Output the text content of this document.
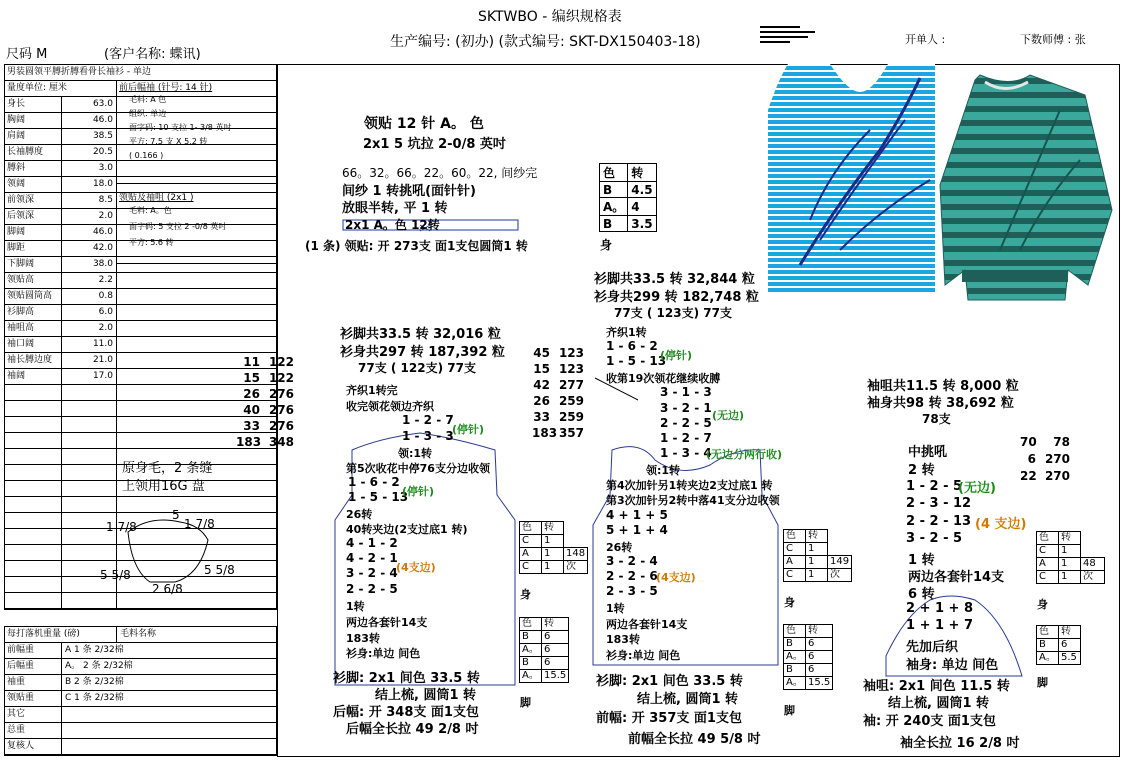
SKTWBO - 编织规格表
生产编号: (初办) (款式编号: SKT-DX150403-18)	开单人 :	下数师傅 : 张
尺码 M	(客户名称: 蝶讯)
男装圆领平膊折膊看骨长袖衫 - 单边
量度单位: 厘米
身长	63.0
胸阔	46.0
肩阔	38.5
长袖膊度	20.5
膊斜	3.0
领阔	18.0
前领深	8.5
后领深	2.0
脚阔	46.0
脚距	42.0
下脚阔	38.0
领贴高	2.2
领贴圆筒高	0.8
衫脚高	6.0
袖咀高	2.0
袖口阔	11.0
袖长膊边度	21.0
袖阔	17.0
前后幅袖 (针号: 14 针)
毛料: A 色
组织: 单边
面字码: 10 支拉 1- 3/8 英吋
平方: 7.5 支 X 5.2 转
( 0.166 )
领贴及袖咀 (2x1 )
毛料: A。色
面字码: 5 支拉 2 -0/8 英吋
平方: 5.6 转
11 122
15 122
26 276
40 276
33 276
183 348
原身毛，2 条缝
上领用16G 盘
每打落机重量 (磅)	毛料名称
前幅重	A 1 条 2/32棉
后幅重	A。 2 条 2/32棉
袖重	B 2 条 2/32棉
领贴重	C 1 条 2/32棉
其它
总重
复核人
领贴 12 针 A。 色
2x1 5 坑拉 2-0/8 英吋
66。32。66。22。60。22, 间纱完
间纱 1 转挑吼(面针针)
放眼半转, 平 1 转
2x1 A。色 12转
(1 条) 领贴: 开 273支 面1支包圆筒1 转
色	转
B	4.5
A。	4
B	3.5
身
衫脚共33.5 转 32,016 粒
衫身共297 转 187,392 粒
77支 ( 122支) 77支
齐织1转完
收完领花领边齐织
1 - 2 - 7
1 - 3 - 3
(停针)
领:1转
第5次收花中停76支分边收领
1 - 6 - 2
1 - 5 - 13
(停针)
26转
40转夹边(2支过底1 转)
4 - 1 - 2
4 - 2 - 1
3 - 2 - 4
2 - 2 - 5
(4支边)
1转
两边各套针14支
183转
衫身:单边 间色
衫脚: 2x1 间色 33.5 转
结上梳, 圆筒1 转
后幅: 开 348支 面1支包
后幅全长拉 49 2/8 吋
色	转	
C	1	
A	1	148
C	1	次
身
色	转
B	6
A。	6
B	6
A。	15.5
脚
衫脚共33.5 转 32,844 粒
衫身共299 转 182,748 粒
77支 ( 123支) 77支
45 123
15 123
42 277
26 259
33 259
183 357
齐织1转
1 - 6 - 2
1 - 5 - 13
(停针)
收第19次领花继续收膊
3 - 1 - 3
3 - 2 - 1
2 - 2 - 5
1 - 2 - 7
1 - 3 - 4
(无边)
(无边分两行收)
领:1转
第4次加针另1转夹边2支过底1 转
第3次加针另2转中落41支分边收领
4 + 1 + 5
5 + 1 + 4
26转
3 - 2 - 4
2 - 2 - 6
2 - 3 - 5
(4支边)
1转
两边各套针14支
183转
衫身:单边 间色
衫脚: 2x1 间色 33.5 转
结上梳, 圆筒1 转
前幅: 开 357支 面1支包
前幅全长拉 49 5/8 吋
色	转	
C	1	
A	1	149
C	1	次
身
色	转
B	6
A。	6
B	6
A。	15.5
脚
袖咀共11.5 转 8,000 粒
袖身共98 转 38,692 粒
78支
70	78
6 270
22 270
中挑吼
2 转
1 - 2 - 5
(无边)
2 - 3 - 12
2 - 2 - 13 (4 支边)
3 - 2 - 5
1 转
两边各套针14支
6 转
2 + 1 + 8
1 + 1 + 7
先加后织
袖身: 单边 间色
袖咀: 2x1 间色 11.5 转
结上梳, 圆筒1 转
袖: 开 240支 面1支包
袖全长拉 16 2/8 吋
色	转	
C	1	
A	1	48
C	1	次
身
色	转
B	6
A。	5.5
脚
5
1 7/8	1 7/8
5 5/8	5 5/8
2 6/8
